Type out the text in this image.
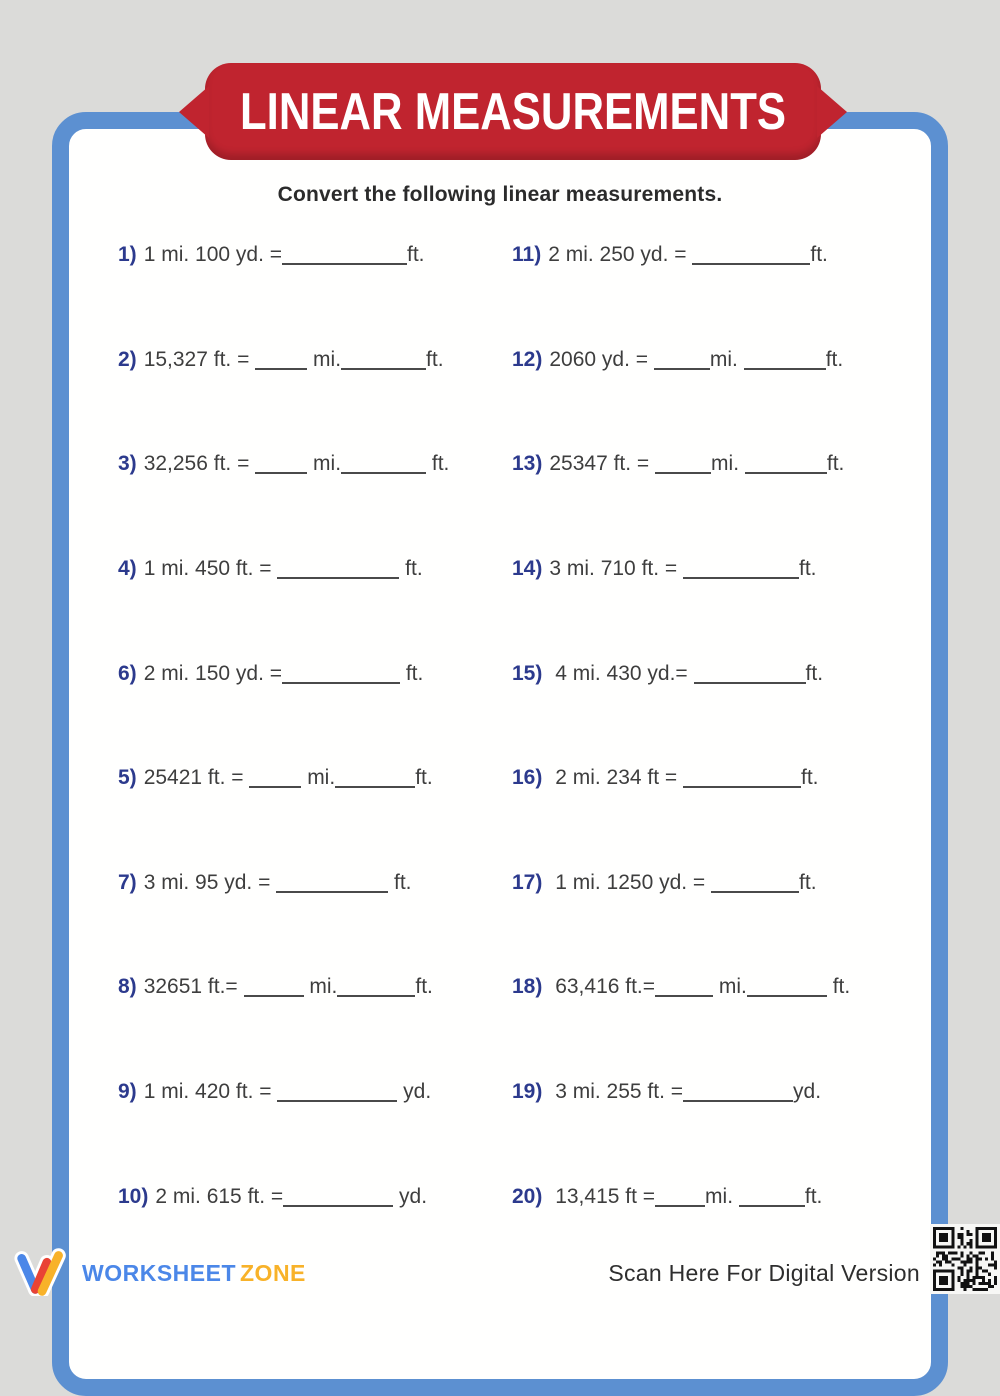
LINEAR MEASUREMENTS
Convert the following linear measurements.
1) 1 mi. 100 yd. =	ft.
2) 15,327 ft. =  mi.	ft.
3) 32,256 ft. =  mi.	ft.
4) 1 mi. 450 ft. =	ft.
6) 2 mi. 150 yd. =	ft.
5) 25421 ft. =  mi.	ft.
7) 3 mi. 95 yd. =	ft.
8) 32651 ft.=	mi.	ft.
9) 1 mi. 420 ft. =	yd.
10) 2 mi. 615 ft. =	yd.
11) 2 mi. 250 yd. =	ft.
12) 2060 yd. =	mi.	ft.
13) 25347 ft. =	mi.	ft.
14) 3 mi. 710 ft. =	ft.
15) 4 mi. 430 yd.=	ft.
16) 2 mi. 234 ft =	ft.
17) 1 mi. 1250 yd. =	ft.
18) 63,416 ft.=	mi.	ft.
19) 3 mi. 255 ft. =	yd.
20) 13,415 ft = mi.	ft.
WORKSHEET ZONE	Scan Here For Digital Version
